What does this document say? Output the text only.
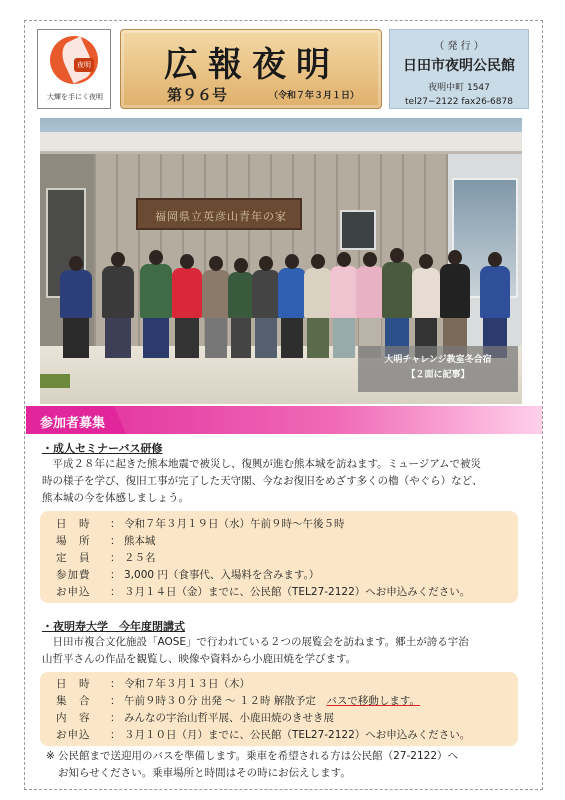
夜明
大輝を手にく夜明
広報夜明
第９６号	（令和７年３月１日）
（ 発 行 ）
日田市夜明公民館
夜明中町 1547
tel27−2122 fax26-6878
福岡県立英彦山青年の家
大明チャレンジ教室冬合宿
【２面に記事】
参加者募集
・成人セミナーバス研修
　平成２８年に起きた熊本地震で被災し、復興が進む熊本城を訪ねます。ミュージアムで被災
時の様子を学び、復旧工事が完了した天守閣、今なお復旧をめざす多くの櫓（やぐら）など、
熊本城の今を体感しましょう。
日　時	： 令和７年３月１９日（水）午前９時〜午後５時
場　所	： 熊本城
定　員	： ２５名
参加費	： 3,000 円（食事代、入場料を含みます。）
お申込	： ３月１４日（金）までに、公民館（TEL27-2122）へお申込みください。
・夜明寿大学　今年度閉講式
　日田市複合文化施設「AOSE」で行われている２つの展覧会を訪ねます。郷土が誇る宇治
山哲平さんの作品を観覧し、映像や資料から小鹿田焼を学びます。
日　時	： 令和７年３月１３日（木）
集　合	： 午前９時３０分 出発 〜 １２時 解散予定　 バスで移動します。
内　容	： みんなの宇治山哲平展、小鹿田焼のきせき展
お申込	： ３月１０日（月）までに、公民館（TEL27-2122）へお申込みください。
※ 公民館まで送迎用のバスを準備します。乗車を希望される方は公民館（27-2122）へ
お知らせください。乗車場所と時間はその時にお伝えします。
